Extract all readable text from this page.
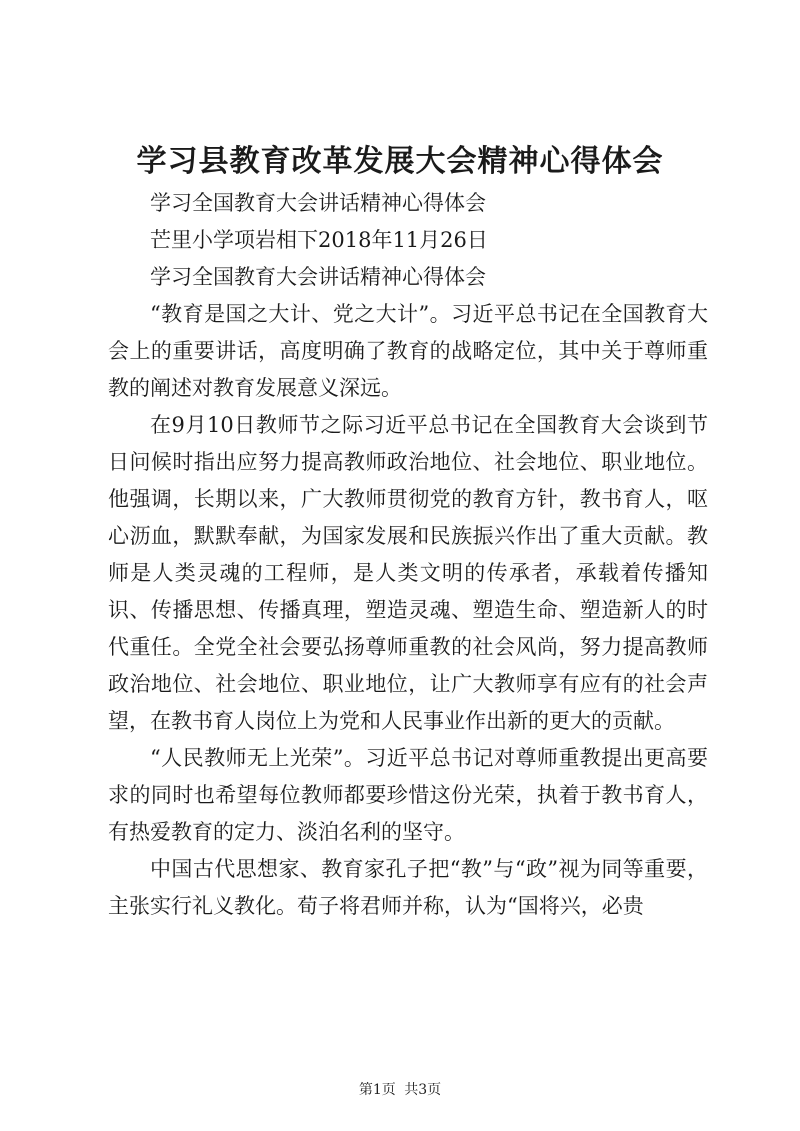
学习县教育改革发展大会精神心得体会

学习全国教育大会讲话精神心得体会

芒里小学项岩相下2018年11月26日

学习全国教育大会讲话精神心得体会

“教育是国之大计、党之大计”。习近平总书记在全国教育大会上的重要讲话，高度明确了教育的战略定位，其中关于尊师重教的阐述对教育发展意义深远。

在9月10日教师节之际习近平总书记在全国教育大会谈到节日问候时指出应努力提高教师政治地位、社会地位、职业地位。他强调，长期以来，广大教师贯彻党的教育方针，教书育人，呕心沥血，默默奉献，为国家发展和民族振兴作出了重大贡献。教师是人类灵魂的工程师，是人类文明的传承者，承载着传播知识、传播思想、传播真理，塑造灵魂、塑造生命、塑造新人的时代重任。全党全社会要弘扬尊师重教的社会风尚，努力提高教师政治地位、社会地位、职业地位，让广大教师享有应有的社会声望，在教书育人岗位上为党和人民事业作出新的更大的贡献。

“人民教师无上光荣”。习近平总书记对尊师重教提出更高要求的同时也希望每位教师都要珍惜这份光荣，执着于教书育人，有热爱教育的定力、淡泊名利的坚守。

中国古代思想家、教育家孔子把“教”与“政”视为同等重要，主张实行礼义教化。荀子将君师并称，认为“国将兴，必贵

第1页 共3页
